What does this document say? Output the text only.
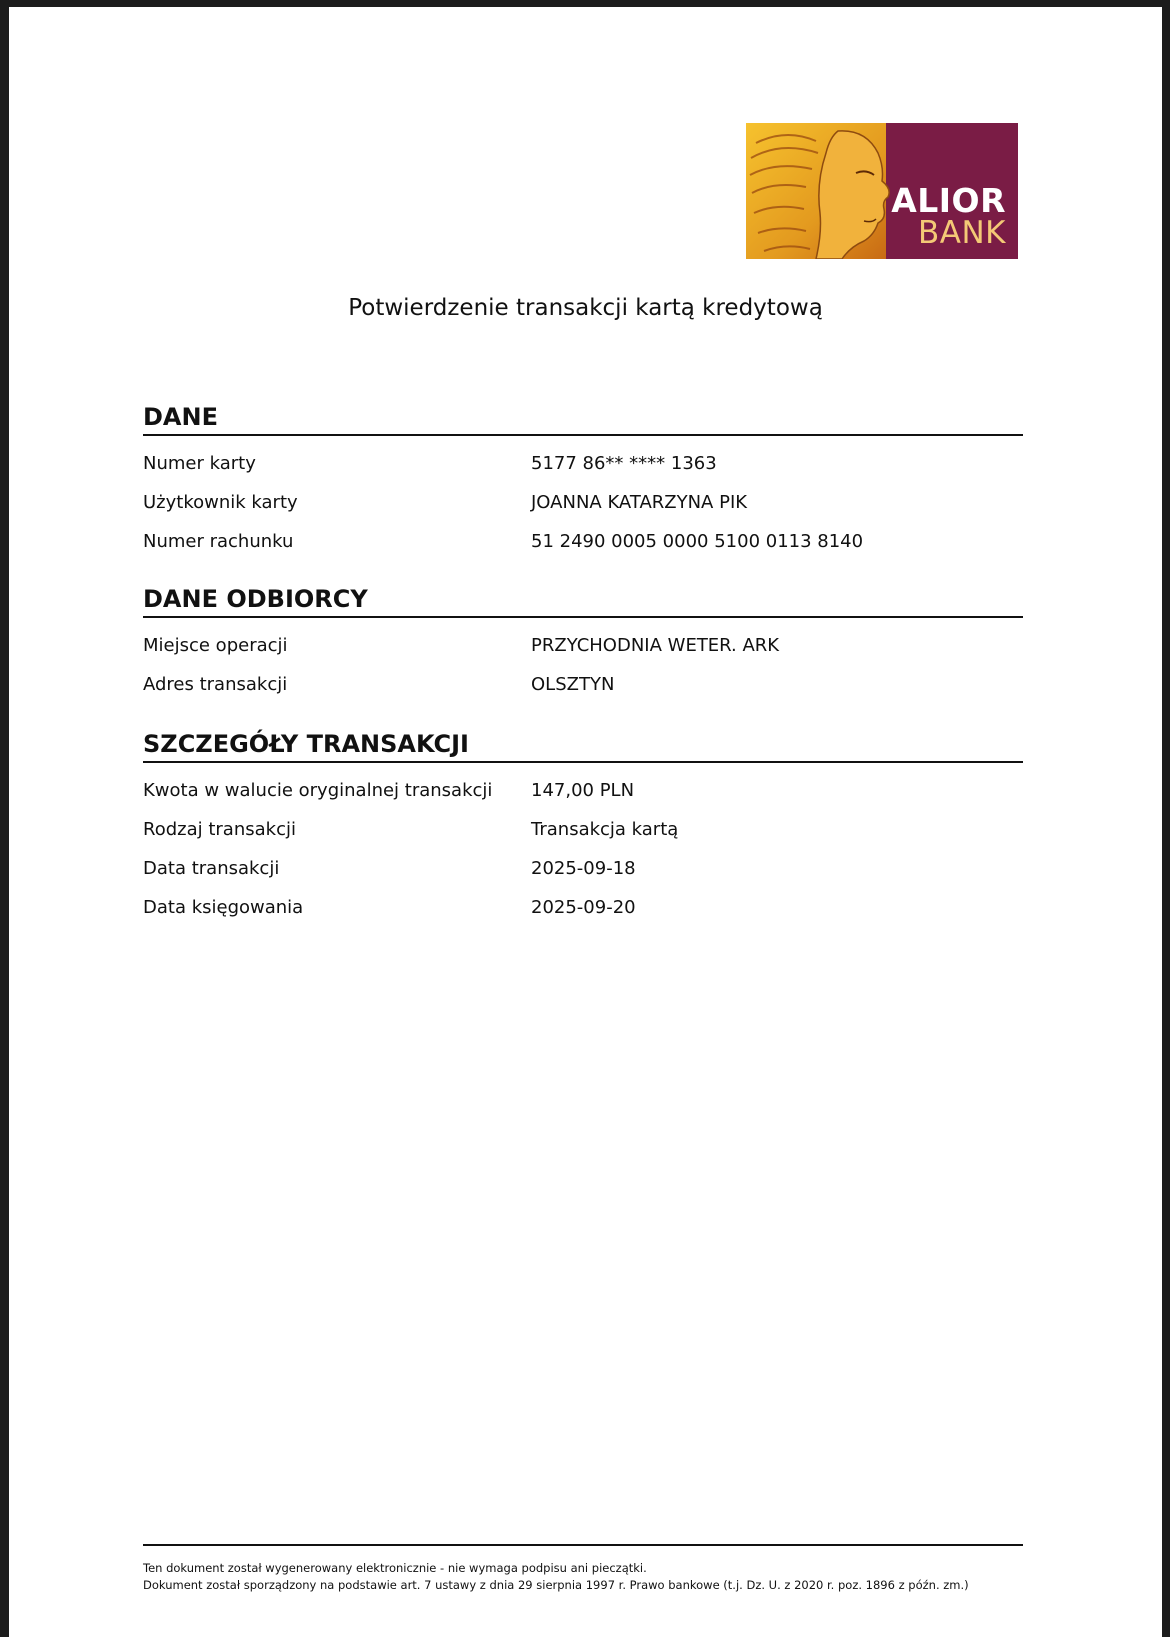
ALIOR
BANK
Potwierdzenie transakcji kartą kredytową
DANE
Numer karty	5177 86** **** 1363
Użytkownik karty	JOANNA KATARZYNA PIK
Numer rachunku	51 2490 0005 0000 5100 0113 8140
DANE ODBIORCY
Miejsce operacji	PRZYCHODNIA WETER. ARK
Adres transakcji	OLSZTYN
SZCZEGÓŁY TRANSAKCJI
Kwota w walucie oryginalnej transakcji	147,00 PLN
Rodzaj transakcji	Transakcja kartą
Data transakcji	2025-09-18
Data księgowania	2025-09-20

Ten dokument został wygenerowany elektronicznie - nie wymaga podpisu ani pieczątki.

Dokument został sporządzony na podstawie art. 7 ustawy z dnia 29 sierpnia 1997 r. Prawo bankowe (t.j. Dz. U. z 2020 r. poz. 1896 z późn. zm.)
